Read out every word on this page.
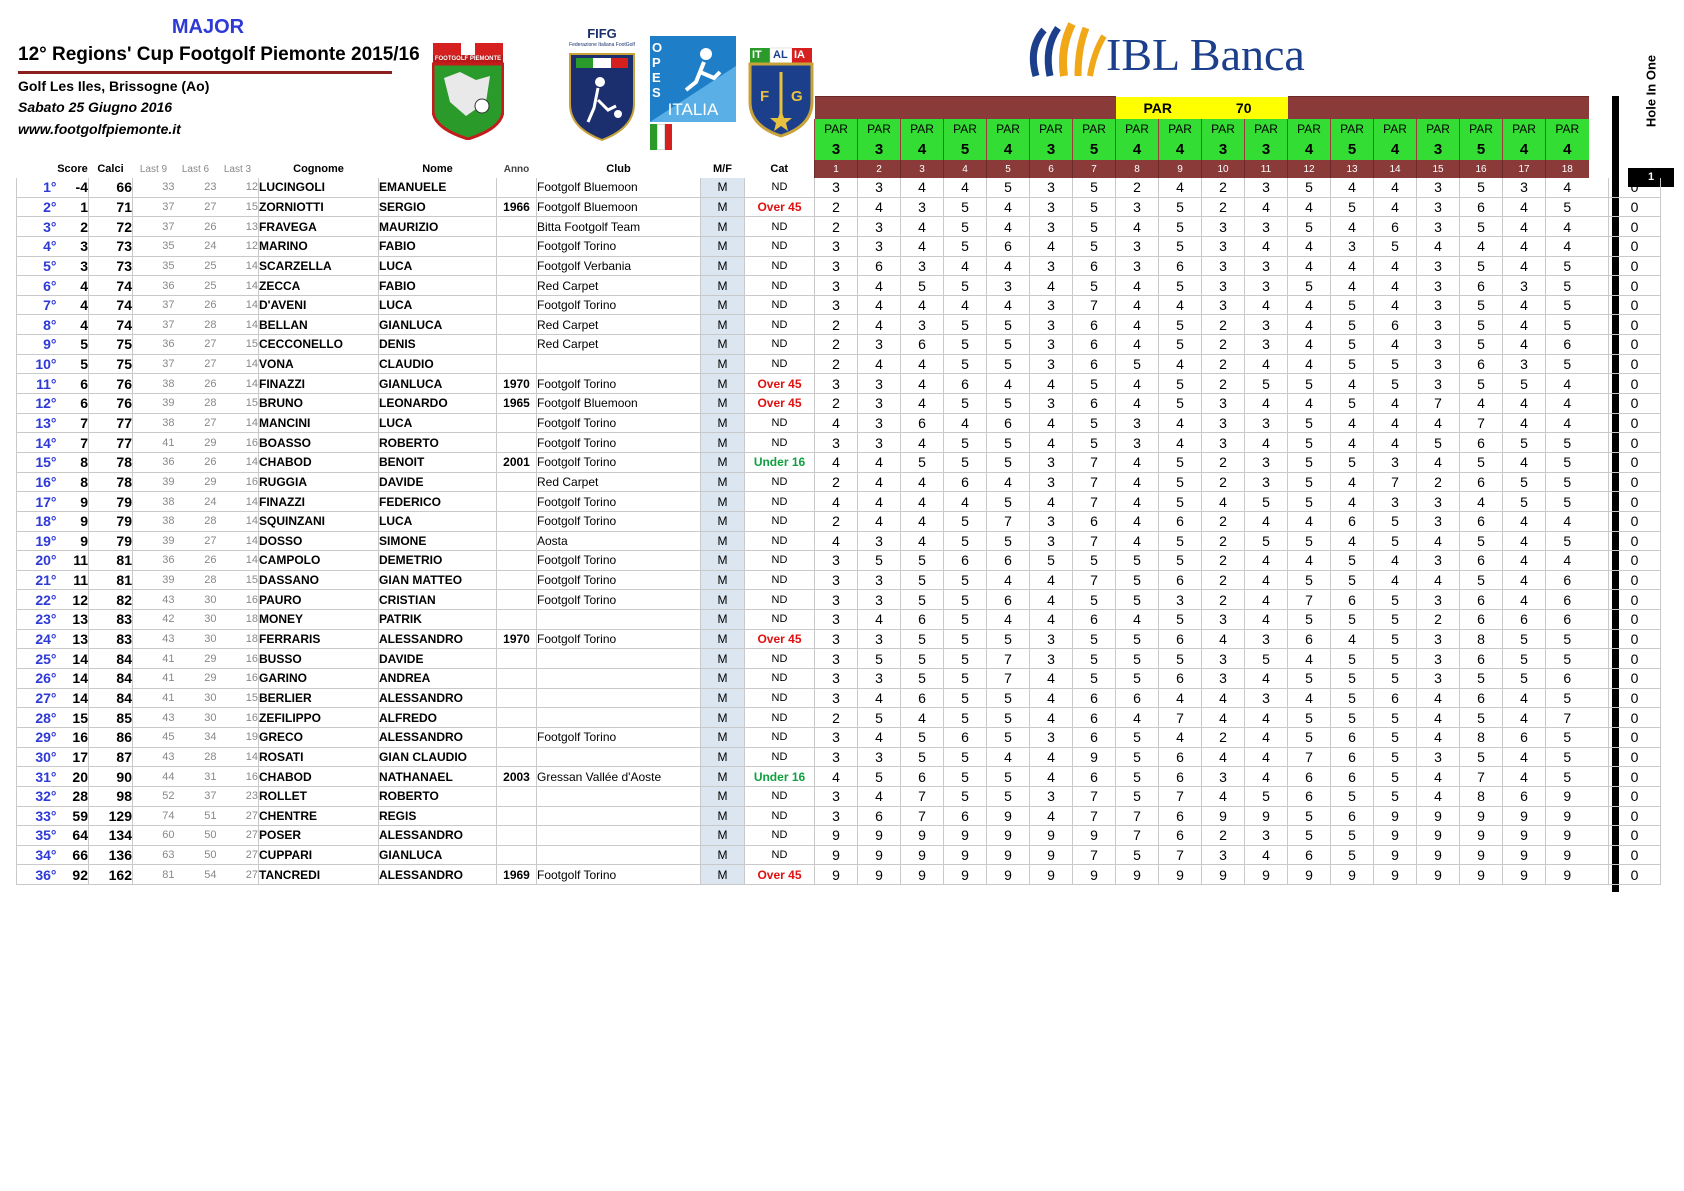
MAJOR
12° Regions' Cup Footgolf Piemonte 2015/16
Golf Les Iles, Brissogne (Ao)
Sabato 25 Giugno 2016
www.footgolfpiemonte.it
FOOTGOLF PIEMONTE
FIFG
Federazione Italiana FootGolf	OPES
ITALIA
IT AL IA
F G
IBL Banca
Hole In One
1
																			PAR 70												
												PAR	PAR	PAR	PAR	PAR	PAR	PAR	PAR	PAR	PAR	PAR	PAR	PAR	PAR	PAR	PAR	PAR	PAR		
												3	3	4	5	4	3	5	4	4	3	3	4	5	4	3	5	4	4		
	Score	Calci	Last 9	Last 6	Last 3	Cognome	Nome	Anno	Club	M/F	Cat	1	2	3	4	5	6	7	8	9	10	11	12	13	14	15	16	17	18		
1°	-4	66	33	23	12	LUCINGOLI	EMANUELE		Footgolf Bluemoon	M	ND	3	3	4	4	5	3	5	2	4	2	3	5	4	4	3	5	3	4		0
2°	1	71	37	27	15	ZORNIOTTI	SERGIO	1966	Footgolf Bluemoon	M	Over 45	2	4	3	5	4	3	5	3	5	2	4	4	5	4	3	6	4	5		0
3°	2	72	37	26	13	FRAVEGA	MAURIZIO		Bitta Footgolf Team	M	ND	2	3	4	5	4	3	5	4	5	3	3	5	4	6	3	5	4	4		0
4°	3	73	35	24	12	MARINO	FABIO		Footgolf Torino	M	ND	3	3	4	5	6	4	5	3	5	3	4	4	3	5	4	4	4	4		0
5°	3	73	35	25	14	SCARZELLA	LUCA		Footgolf Verbania	M	ND	3	6	3	4	4	3	6	3	6	3	3	4	4	4	3	5	4	5		0
6°	4	74	36	25	14	ZECCA	FABIO		Red Carpet	M	ND	3	4	5	5	3	4	5	4	5	3	3	5	4	4	3	6	3	5		0
7°	4	74	37	26	14	D'AVENI	LUCA		Footgolf Torino	M	ND	3	4	4	4	4	3	7	4	4	3	4	4	5	4	3	5	4	5		0
8°	4	74	37	28	14	BELLAN	GIANLUCA		Red Carpet	M	ND	2	4	3	5	5	3	6	4	5	2	3	4	5	6	3	5	4	5		0
9°	5	75	36	27	15	CECCONELLO	DENIS		Red Carpet	M	ND	2	3	6	5	5	3	6	4	5	2	3	4	5	4	3	5	4	6		0
10°	5	75	37	27	14	VONA	CLAUDIO			M	ND	2	4	4	5	5	3	6	5	4	2	4	4	5	5	3	6	3	5		0
11°	6	76	38	26	14	FINAZZI	GIANLUCA	1970	Footgolf Torino	M	Over 45	3	3	4	6	4	4	5	4	5	2	5	5	4	5	3	5	5	4		0
12°	6	76	39	28	15	BRUNO	LEONARDO	1965	Footgolf Bluemoon	M	Over 45	2	3	4	5	5	3	6	4	5	3	4	4	5	4	7	4	4	4		0
13°	7	77	38	27	14	MANCINI	LUCA		Footgolf Torino	M	ND	4	3	6	4	6	4	5	3	4	3	3	5	4	4	4	7	4	4		0
14°	7	77	41	29	16	BOASSO	ROBERTO		Footgolf Torino	M	ND	3	3	4	5	5	4	5	3	4	3	4	5	4	4	5	6	5	5		0
15°	8	78	36	26	14	CHABOD	BENOIT	2001	Footgolf Torino	M	Under 16	4	4	5	5	5	3	7	4	5	2	3	5	5	3	4	5	4	5		0
16°	8	78	39	29	16	RUGGIA	DAVIDE		Red Carpet	M	ND	2	4	4	6	4	3	7	4	5	2	3	5	4	7	2	6	5	5		0
17°	9	79	38	24	14	FINAZZI	FEDERICO		Footgolf Torino	M	ND	4	4	4	4	5	4	7	4	5	4	5	5	4	3	3	4	5	5		0
18°	9	79	38	28	14	SQUINZANI	LUCA		Footgolf Torino	M	ND	2	4	4	5	7	3	6	4	6	2	4	4	6	5	3	6	4	4		0
19°	9	79	39	27	14	DOSSO	SIMONE		Aosta	M	ND	4	3	4	5	5	3	7	4	5	2	5	5	4	5	4	5	4	5		0
20°	11	81	36	26	14	CAMPOLO	DEMETRIO		Footgolf Torino	M	ND	3	5	5	6	6	5	5	5	5	2	4	4	5	4	3	6	4	4		0
21°	11	81	39	28	15	DASSANO	GIAN MATTEO		Footgolf Torino	M	ND	3	3	5	5	4	4	7	5	6	2	4	5	5	4	4	5	4	6		0
22°	12	82	43	30	16	PAURO	CRISTIAN		Footgolf Torino	M	ND	3	3	5	5	6	4	5	5	3	2	4	7	6	5	3	6	4	6		0
23°	13	83	42	30	18	MONEY	PATRIK			M	ND	3	4	6	5	4	4	6	4	5	3	4	5	5	5	2	6	6	6		0
24°	13	83	43	30	18	FERRARIS	ALESSANDRO	1970	Footgolf Torino	M	Over 45	3	3	5	5	5	3	5	5	6	4	3	6	4	5	3	8	5	5		0
25°	14	84	41	29	16	BUSSO	DAVIDE			M	ND	3	5	5	5	7	3	5	5	5	3	5	4	5	5	3	6	5	5		0
26°	14	84	41	29	16	GARINO	ANDREA			M	ND	3	3	5	5	7	4	5	5	6	3	4	5	5	5	3	5	5	6		0
27°	14	84	41	30	15	BERLIER	ALESSANDRO			M	ND	3	4	6	5	5	4	6	6	4	4	3	4	5	6	4	6	4	5		0
28°	15	85	43	30	16	ZEFILIPPO	ALFREDO			M	ND	2	5	4	5	5	4	6	4	7	4	4	5	5	5	4	5	4	7		0
29°	16	86	45	34	19	GRECO	ALESSANDRO		Footgolf Torino	M	ND	3	4	5	6	5	3	6	5	4	2	4	5	6	5	4	8	6	5		0
30°	17	87	43	28	14	ROSATI	GIAN CLAUDIO			M	ND	3	3	5	5	4	4	9	5	6	4	4	7	6	5	3	5	4	5		0
31°	20	90	44	31	16	CHABOD	NATHANAEL	2003	Gressan Vallée d'Aoste	M	Under 16	4	5	6	5	5	4	6	5	6	3	4	6	6	5	4	7	4	5		0
32°	28	98	52	37	23	ROLLET	ROBERTO			M	ND	3	4	7	5	5	3	7	5	7	4	5	6	5	5	4	8	6	9		0
33°	59	129	74	51	27	CHENTRE	REGIS			M	ND	3	6	7	6	9	4	7	7	6	9	9	5	6	9	9	9	9	9		0
35°	64	134	60	50	27	POSER	ALESSANDRO			M	ND	9	9	9	9	9	9	9	7	6	2	3	5	5	9	9	9	9	9		0
34°	66	136	63	50	27	CUPPARI	GIANLUCA			M	ND	9	9	9	9	9	9	7	5	7	3	4	6	5	9	9	9	9	9		0
36°	92	162	81	54	27	TANCREDI	ALESSANDRO	1969	Footgolf Torino	M	Over 45	9	9	9	9	9	9	9	9	9	9	9	9	9	9	9	9	9	9		0
